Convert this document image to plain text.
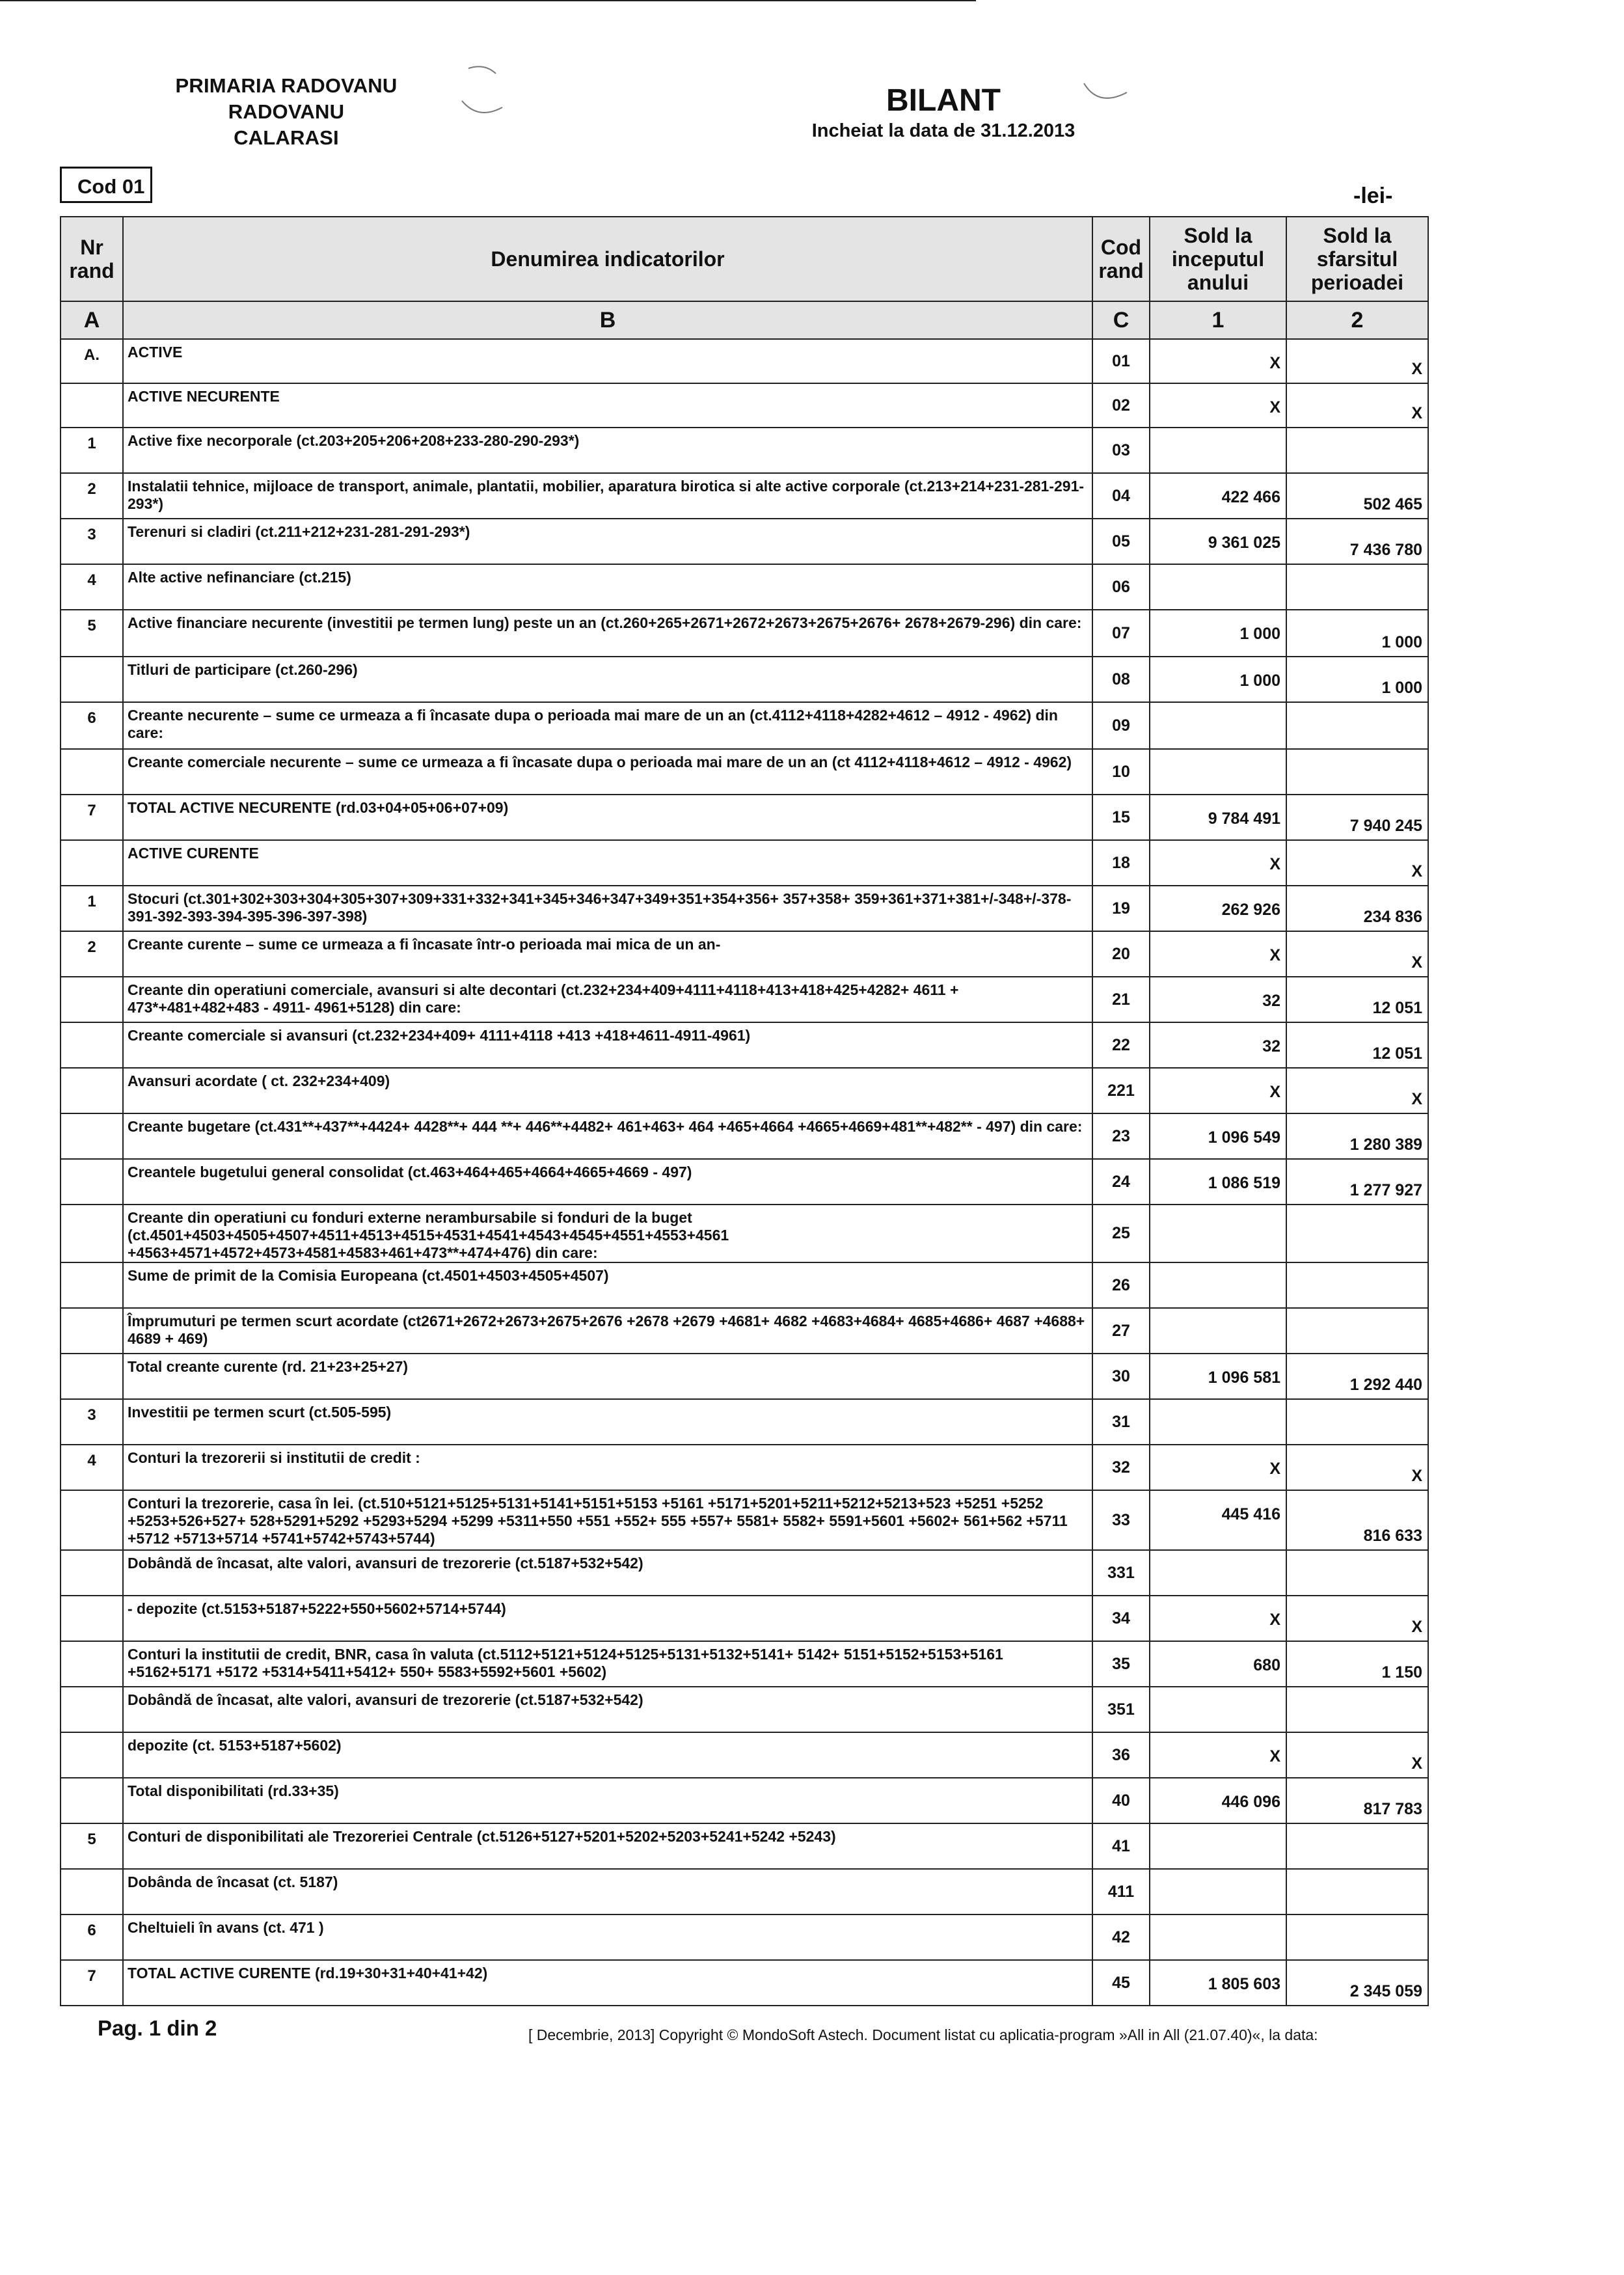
PRIMARIA RADOVANU
RADOVANU
CALARASI
BILANT
Incheiat la data de 31.12.2013
Cod 01	-lei-
Nr rand	Denumirea indicatorilor	Cod rand	Sold la inceputul anului	Sold la sfarsitul perioadei
A	B	C	1	2
A.	ACTIVE	01	X	X
	ACTIVE NECURENTE	02	X	X
1	Active fixe necorporale (ct.203+205+206+208+233-280-290-293*)	03		
2	Instalatii tehnice, mijloace de transport, animale, plantatii, mobilier, aparatura birotica si alte active corporale (ct.213+214+231-281-291-293*)	04	422 466	502 465
3	Terenuri si cladiri (ct.211+212+231-281-291-293*)	05	9 361 025	7 436 780
4	Alte active nefinanciare (ct.215)	06		
5	Active financiare necurente (investitii pe termen lung) peste un an (ct.260+265+2671+2672+2673+2675+2676+ 2678+2679-296) din care:	07	1 000	1 000
	Titluri de participare (ct.260-296)	08	1 000	1 000
6	Creante necurente – sume ce urmeaza a fi încasate dupa o perioada mai mare de un an (ct.4112+4118+4282+4612 – 4912 - 4962) din care:	09		
	Creante comerciale necurente – sume ce urmeaza a fi încasate dupa o perioada mai mare de un an (ct 4112+4118+4612 – 4912 - 4962)	10		
7	TOTAL ACTIVE NECURENTE (rd.03+04+05+06+07+09)	15	9 784 491	7 940 245
	ACTIVE CURENTE	18	X	X
1	Stocuri (ct.301+302+303+304+305+307+309+331+332+341+345+346+347+349+351+354+356+ 357+358+ 359+361+371+381+/-348+/-378-391-392-393-394-395-396-397-398)	19	262 926	234 836
2	Creante curente – sume ce urmeaza a fi încasate într-o perioada mai mica de un an-	20	X	X
	Creante din operatiuni comerciale, avansuri si alte decontari (ct.232+234+409+4111+4118+413+418+425+4282+ 4611 + 473*+481+482+483 - 4911- 4961+5128) din care:	21	32	12 051
	Creante comerciale si avansuri (ct.232+234+409+ 4111+4118 +413 +418+4611-4911-4961)	22	32	12 051
	Avansuri acordate ( ct. 232+234+409)	221	X	X
	Creante bugetare (ct.431**+437**+4424+ 4428**+ 444 **+ 446**+4482+ 461+463+ 464 +465+4664 +4665+4669+481**+482** - 497) din care:	23	1 096 549	1 280 389
	Creantele bugetului general consolidat (ct.463+464+465+4664+4665+4669 - 497)	24	1 086 519	1 277 927
	Creante din operatiuni cu fonduri externe nerambursabile si fonduri de la buget (ct.4501+4503+4505+4507+4511+4513+4515+4531+4541+4543+4545+4551+4553+4561 +4563+4571+4572+4573+4581+4583+461+473**+474+476) din care:	25		
	Sume de primit de la Comisia Europeana (ct.4501+4503+4505+4507)	26		
	Împrumuturi pe termen scurt acordate (ct2671+2672+2673+2675+2676 +2678 +2679 +4681+ 4682 +4683+4684+ 4685+4686+ 4687 +4688+ 4689 + 469)	27		
	Total creante curente (rd. 21+23+25+27)	30	1 096 581	1 292 440
3	Investitii pe termen scurt (ct.505-595)	31		
4	Conturi la trezorerii si institutii de credit :	32	X	X
	Conturi la trezorerie, casa în lei. (ct.510+5121+5125+5131+5141+5151+5153 +5161 +5171+5201+5211+5212+5213+523 +5251 +5252 +5253+526+527+ 528+5291+5292 +5293+5294 +5299 +5311+550 +551 +552+ 555 +557+ 5581+ 5582+ 5591+5601 +5602+ 561+562 +5711 +5712 +5713+5714 +5741+5742+5743+5744)	33	445 416	816 633
	Dobândă de încasat, alte valori, avansuri de trezorerie (ct.5187+532+542)	331		
	- depozite (ct.5153+5187+5222+550+5602+5714+5744)	34	X	X
	Conturi la institutii de credit, BNR, casa în valuta (ct.5112+5121+5124+5125+5131+5132+5141+ 5142+ 5151+5152+5153+5161 +5162+5171 +5172 +5314+5411+5412+ 550+ 5583+5592+5601 +5602)	35	680	1 150
	Dobândă de încasat, alte valori, avansuri de trezorerie (ct.5187+532+542)	351		
	depozite (ct. 5153+5187+5602)	36	X	X
	Total disponibilitati (rd.33+35)	40	446 096	817 783
5	Conturi de disponibilitati ale Trezoreriei Centrale (ct.5126+5127+5201+5202+5203+5241+5242 +5243)	41		
	Dobânda de încasat (ct. 5187)	411		
6	Cheltuieli în avans (ct. 471 )	42		
7	TOTAL ACTIVE CURENTE (rd.19+30+31+40+41+42)	45	1 805 603	2 345 059
Pag. 1 din 2	[ Decembrie, 2013] Copyright © MondoSoft Astech. Document listat cu aplicatia-program »All in All (21.07.40)«, la data:
